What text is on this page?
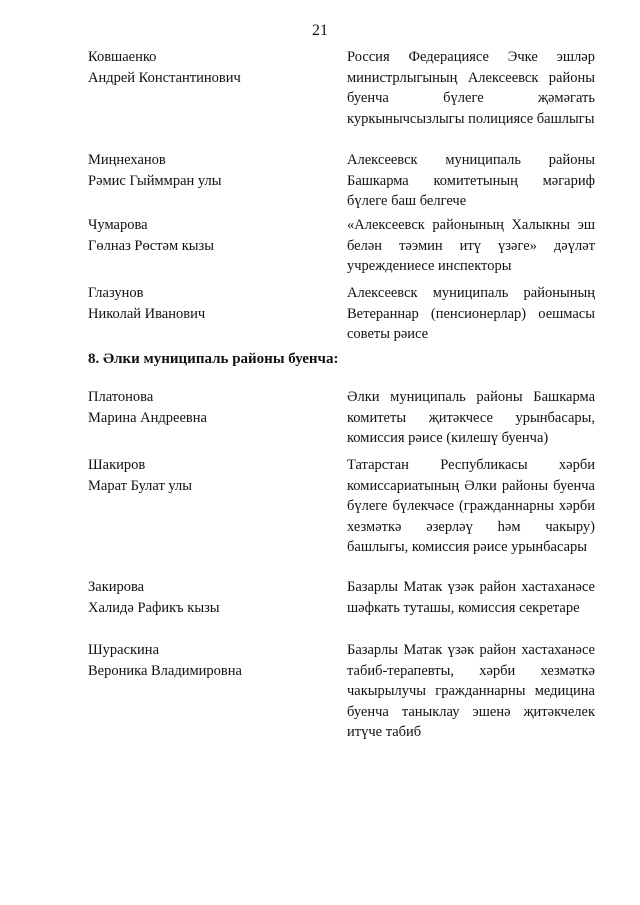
21
Ковшаенко
Андрей Константинович
Россия Федерациясе Эчке эшләр министрлыгының Алексеевск районы буенча бүлеге җәмәгать куркынычсызлыгы полициясе башлыгы
Миңнеханов
Рәмис Гыйммран улы
Алексеевск муниципаль районы Башкарма комитетының мәгариф бүлеге баш белгече
Чумарова
Гөлназ Рөстәм кызы
«Алексеевск районының Халыкны эш белән тәэмин итү үзәге» дәүләт учреждениесе инспекторы
Глазунов
Николай Иванович
Алексеевск муниципаль районының Ветераннар (пенсионерлар) оешмасы советы рәисе
8. Әлки муниципаль районы буенча:
Платонова
Марина Андреевна
Әлки муниципаль районы Башкарма комитеты җитәкчесе урынбасары, комиссия рәисе (килешү буенча)
Шакиров
Марат Булат улы
Татарстан Республикасы хәрби комиссариатының Әлки районы буенча бүлеге бүлекчәсе (гражданнарны хәрби хезмәткә әзерләү һәм чакыру) башлыгы, комиссия рәисе урынбасары
Закирова
Халидә Рафикъ кызы
Базарлы Матак үзәк район хастаханәсе шәфкать туташы, комиссия секретаре
Шураскина
Вероника Владимировна
Базарлы Матак үзәк район хастаханәсе табиб-терапевты, хәрби хезмәткә чакырылучы гражданнарны медицина буенча таныклау эшенә җитәкчелек итүче табиб
